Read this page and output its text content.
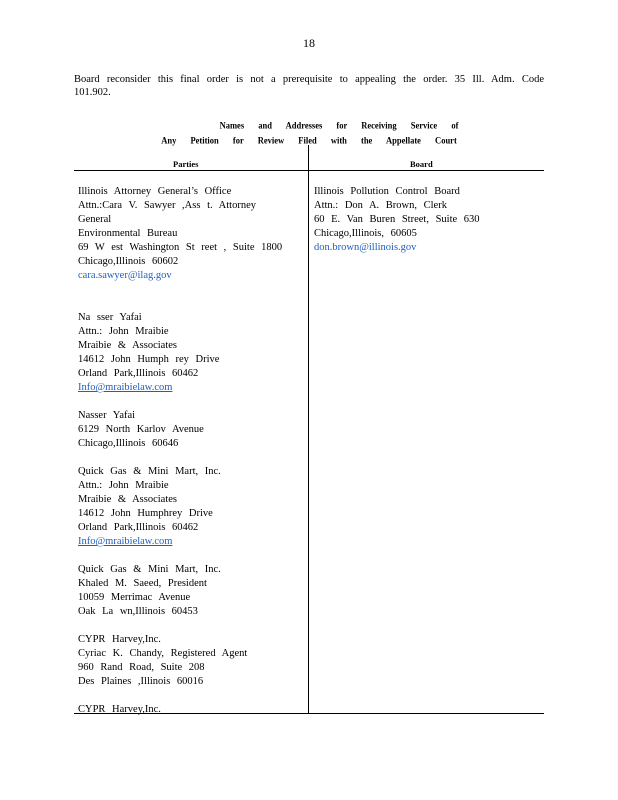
18
Board reconsider this final order is not a prerequisite to appealing the order. 35 Ill. Adm. Code 101.902.
Names and Addresses for Receiving Service of
Any Petition for Review Filed with the Appellate Court
Parties	Board

Illinois Attorney General’s Office

Attn.:Cara V. Sawyer ,Ass t. Attorney

General

Environmental Bureau

69 W est Washington St reet , Suite 1800

Chicago,Illinois 60602

cara.sawyer@ilag.gov

Na sser Yafai

Attn.: John Mraibie

Mraibie & Associates

14612 John Humph rey Drive

Orland Park,Illinois 60462

Info@mraibielaw.com

Nasser Yafai

6129 North Karlov Avenue

Chicago,Illinois 60646

Quick Gas & Mini Mart, Inc.

Attn.: John Mraibie

Mraibie & Associates

14612 John Humphrey Drive

Orland Park,Illinois 60462

Info@mraibielaw.com

Quick Gas & Mini Mart, Inc.

Khaled M. Saeed, President

10059 Merrimac Avenue

Oak La wn,Illinois 60453

CYPR Harvey,Inc.

Cyriac K. Chandy, Registered Agent

960 Rand Road, Suite 208

Des Plaines ,Illinois 60016

CYPR Harvey,Inc.

Illinois Pollution Control Board

Attn.: Don A. Brown, Clerk

60 E. Van Buren Street, Suite 630

Chicago,Illinois, 60605

don.brown@illinois.gov
